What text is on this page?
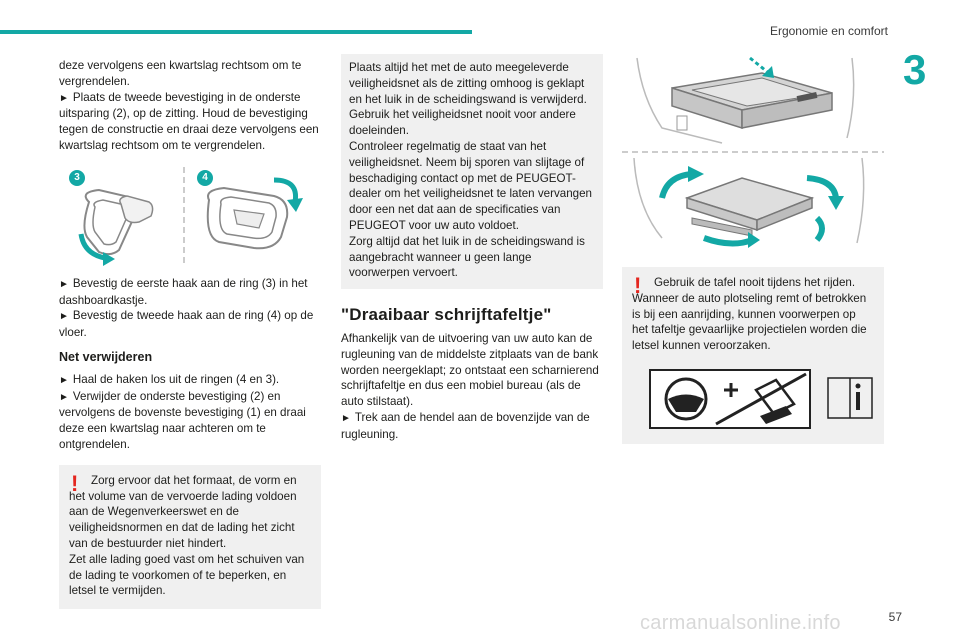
Ergonomie en comfort
3

deze vervolgens een kwartslag rechtsom om te vergrendelen.

► Plaats de tweede bevestiging in de onderste uitsparing (2), op de zitting. Houd de bevestiging tegen de constructie en draai deze vervolgens een kwartslag rechtsom om te vergrendelen.

3	4

► Bevestig de eerste haak aan de ring (3) in het dashboardkastje.

► Bevestig de tweede haak aan de ring (4) op de vloer.

Net verwijderen

► Haal de haken los uit de ringen (4 en 3).

► Verwijder de onderste bevestiging (2) en vervolgens de bovenste bevestiging (1) en draai deze een kwartslag naar achteren om te ontgrendelen.

!	Zorg ervoor dat het formaat, de vorm en het volume van de vervoerde lading voldoen aan de Wegenverkeerswet en de veiligheidsnormen en dat de lading het zicht van de bestuurder niet hindert.
Zet alle lading goed vast om het schuiven van de lading te voorkomen of te beperken, en letsel te vermijden.

Plaats altijd het met de auto meegeleverde veiligheidsnet als de zitting omhoog is geklapt en het luik in de scheidingswand is verwijderd.
Gebruik het veiligheidsnet nooit voor andere doeleinden.
Controleer regelmatig de staat van het veiligheidsnet. Neem bij sporen van slijtage of beschadiging contact op met de PEUGEOT-dealer om het veiligheidsnet te laten vervangen door een net dat aan de specificaties van PEUGEOT voor uw auto voldoet.
Zorg altijd dat het luik in de scheidingswand is aangebracht wanneer u geen lange voorwerpen vervoert.

"Draaibaar schrijftafeltje"

Afhankelijk van de uitvoering van uw auto kan de rugleuning van de middelste zitplaats van de bank worden neergeklapt; zo ontstaat een scharnierend schrijftafeltje en dus een mobiel bureau (als de auto stilstaat).

► Trek aan de hendel aan de bovenzijde van de rugleuning.

!	Gebruik de tafel nooit tijdens het rijden.
Wanneer de auto plotseling remt of betrokken is bij een aanrijding, kunnen voorwerpen op het tafeltje gevaarlijke projectielen worden die letsel kunnen veroorzaken.

carmanualsonline.info	57
